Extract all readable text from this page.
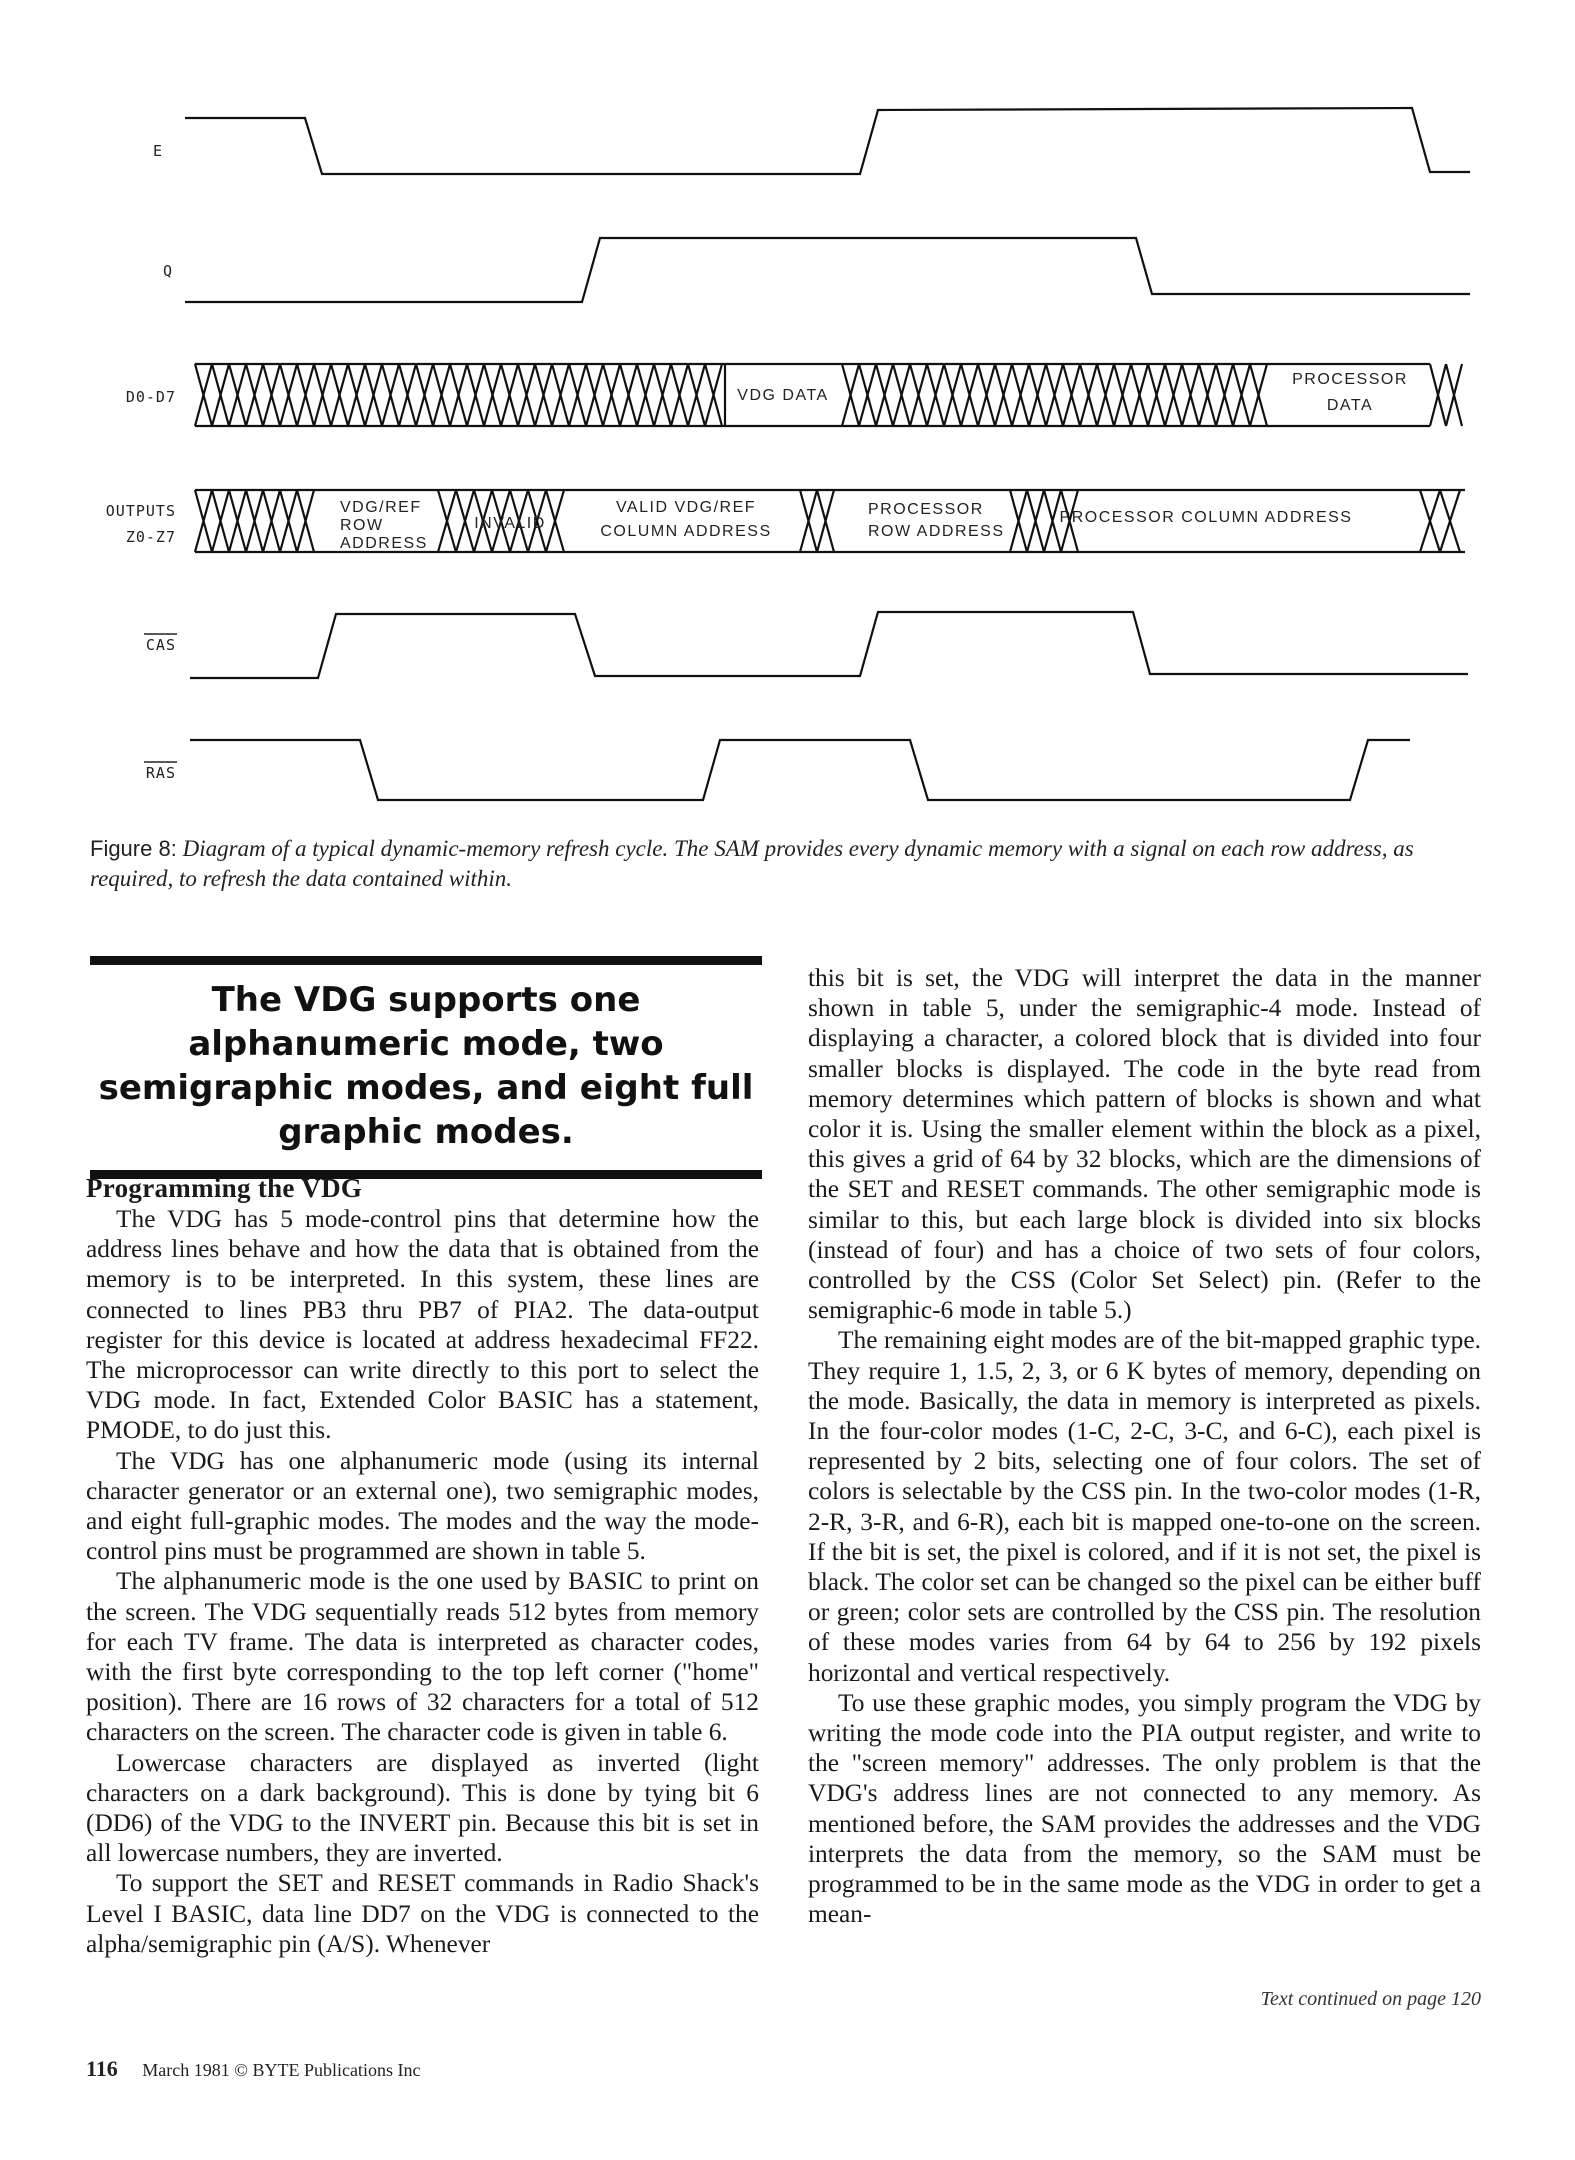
E
Q
D0-D7
OUTPUTS
Z0-Z7
CAS
RAS
VDG DATA
PROCESSOR
DATA
VDG/REF
ROW
ADDRESS
INVALID
VALID VDG/REF
COLUMN ADDRESS
PROCESSOR
ROW ADDRESS
PROCESSOR COLUMN ADDRESS
Figure 8: Diagram of a typical dynamic-memory refresh cycle. The SAM provides every dynamic memory with a signal on each row address, as required, to refresh the data contained within.
The VDG supports one alphanumeric mode, two semigraphic modes, and eight full graphic modes.
Programming the VDG

The VDG has 5 mode-control pins that determine how the address lines behave and how the data that is obtained from the memory is to be interpreted. In this system, these lines are connected to lines PB3 thru PB7 of PIA2. The data-output register for this device is located at address hexadecimal FF22. The microprocessor can write directly to this port to select the VDG mode. In fact, Extended Color BASIC has a statement, PMODE, to do just this.

The VDG has one alphanumeric mode (using its internal character generator or an external one), two semigraphic modes, and eight full-graphic modes. The modes and the way the mode-control pins must be programmed are shown in table 5.

The alphanumeric mode is the one used by BASIC to print on the screen. The VDG sequentially reads 512 bytes from memory for each TV frame. The data is interpreted as character codes, with the first byte corresponding to the top left corner ("home" position). There are 16 rows of 32 characters for a total of 512 characters on the screen. The character code is given in table 6.

Lowercase characters are displayed as inverted (light characters on a dark background). This is done by tying bit 6 (DD6) of the VDG to the INVERT pin. Because this bit is set in all lowercase numbers, they are inverted.

To support the SET and RESET commands in Radio Shack's Level I BASIC, data line DD7 on the VDG is connected to the alpha/semigraphic pin (A/S). Whenever

this bit is set, the VDG will interpret the data in the manner shown in table 5, under the semigraphic-4 mode. Instead of displaying a character, a colored block that is divided into four smaller blocks is displayed. The code in the byte read from memory determines which pattern of blocks is shown and what color it is. Using the smaller element within the block as a pixel, this gives a grid of 64 by 32 blocks, which are the dimensions of the SET and RESET commands. The other semigraphic mode is similar to this, but each large block is divided into six blocks (instead of four) and has a choice of two sets of four colors, controlled by the CSS (Color Set Select) pin. (Refer to the semigraphic-6 mode in table 5.)

The remaining eight modes are of the bit-mapped graphic type. They require 1, 1.5, 2, 3, or 6 K bytes of memory, depending on the mode. Basically, the data in memory is interpreted as pixels. In the four-color modes (1-C, 2-C, 3-C, and 6-C), each pixel is represented by 2 bits, selecting one of four colors. The set of colors is selectable by the CSS pin. In the two-color modes (1-R, 2-R, 3-R, and 6-R), each bit is mapped one-to-one on the screen. If the bit is set, the pixel is colored, and if it is not set, the pixel is black. The color set can be changed so the pixel can be either buff or green; color sets are controlled by the CSS pin. The resolution of these modes varies from 64 by 64 to 256 by 192 pixels horizontal and vertical respectively.

To use these graphic modes, you simply program the VDG by writing the mode code into the PIA output register, and write to the "screen memory" addresses. The only problem is that the VDG's address lines are not connected to any memory. As mentioned before, the SAM provides the addresses and the VDG interprets the data from the memory, so the SAM must be programmed to be in the same mode as the VDG in order to get a mean-

Text continued on page 120
116 March 1981 © BYTE Publications Inc
